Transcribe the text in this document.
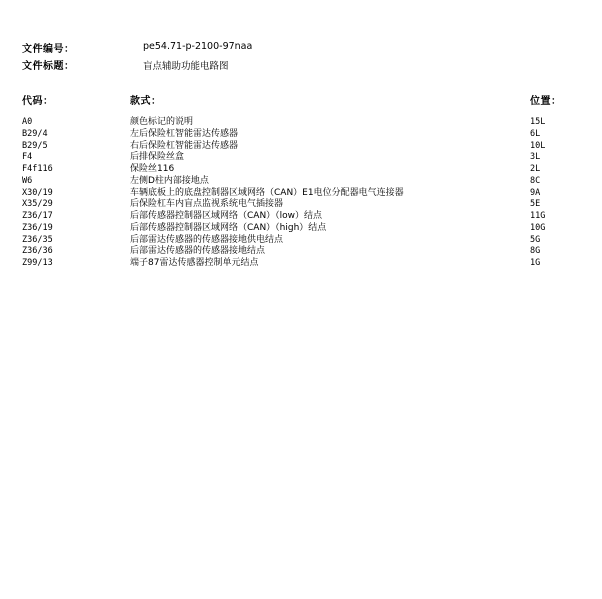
文件编号：	pe54.71-p-2100-97naa
文件标题：	盲点辅助功能电路图
代码：	款式：	位置：
A0	颜色标记的说明	15L
B29/4	左后保险杠智能雷达传感器	6L
B29/5	右后保险杠智能雷达传感器	10L
F4	后排保险丝盒	3L
F4f116	保险丝116	2L
W6	左侧D柱内部接地点	8C
X30/19	车辆底板上的底盘控制器区域网络（CAN）E1电位分配器电气连接器	9A
X35/29	后保险杠车内盲点监视系统电气插接器	5E
Z36/17	后部传感器控制器区域网络（CAN）（low）结点	11G
Z36/19	后部传感器控制器区域网络（CAN）（high）结点	10G
Z36/35	后部雷达传感器的传感器接地供电结点	5G
Z36/36	后部雷达传感器的传感器接地结点	8G
Z99/13	端子87雷达传感器控制单元结点	1G
